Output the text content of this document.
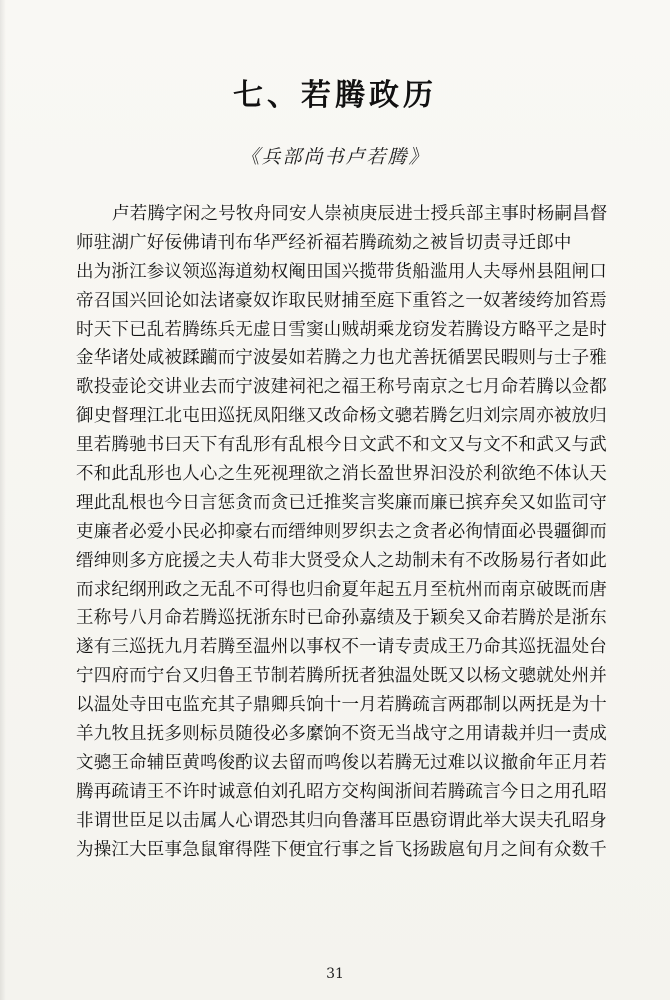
七、若腾政历
《兵部尚书卢若腾》
卢若腾字闲之号牧舟同安人崇祯庚辰进士授兵部主事时杨嗣昌督
师驻湖广好佞佛请刊布华严经祈福若腾疏劾之被旨切责寻迁郎中
出为浙江参议领巡海道劾权阉田国兴揽带货船滥用人夫辱州县阻闸口
帝召国兴回论如法诸豪奴诈取民财捕至庭下重笞之一奴著绫绔加笞焉
时天下已乱若腾练兵无虚日雪窦山贼胡乘龙窃发若腾设方略平之是时
金华诸处咸被蹂躏而宁波晏如若腾之力也尤善抚循罢民暇则与士子雅
歌投壶论交讲业去而宁波建祠祀之福王称号南京之七月命若腾以佥都
御史督理江北屯田巡抚凤阳继又改命杨文骢若腾乞归刘宗周亦被放归
里若腾驰书曰天下有乱形有乱根今日文武不和文又与文不和武又与武
不和此乱形也人心之生死视理欲之消长盈世界汩没於利欲绝不体认天
理此乱根也今日言惩贪而贪已迁推奖言奖廉而廉已摈弃矣又如监司守
吏廉者必爱小民必抑豪右而缙绅则罗织去之贪者必徇情面必畏疆御而
缙绅则多方庇援之夫人苟非大贤受众人之劫制未有不改肠易行者如此
而求纪纲刑政之无乱不可得也归俞夏年起五月至杭州而南京破既而唐
王称号八月命若腾巡抚浙东时已命孙嘉绩及于颖矣又命若腾於是浙东
遂有三巡抚九月若腾至温州以事权不一请专责成王乃命其巡抚温处台
宁四府而宁台又归鲁王节制若腾所抚者独温处既又以杨文骢就处州并
以温处寺田屯监充其子鼎卿兵饷十一月若腾疏言两郡制以两抚是为十
羊九牧且抚多则标员随役必多縻饷不资无当战守之用请裁并归一责成
文骢王命辅臣黄鸣俊酌议去留而鸣俊以若腾无过难以议撤俞年正月若
腾再疏请王不许时诚意伯刘孔昭方交构闽浙间若腾疏言今日之用孔昭
非谓世臣足以击属人心谓恐其归向鲁藩耳臣愚窃谓此举大误夫孔昭身
为操江大臣事急鼠窜得陛下便宜行事之旨飞扬跋扈旬月之间有众数千
31
